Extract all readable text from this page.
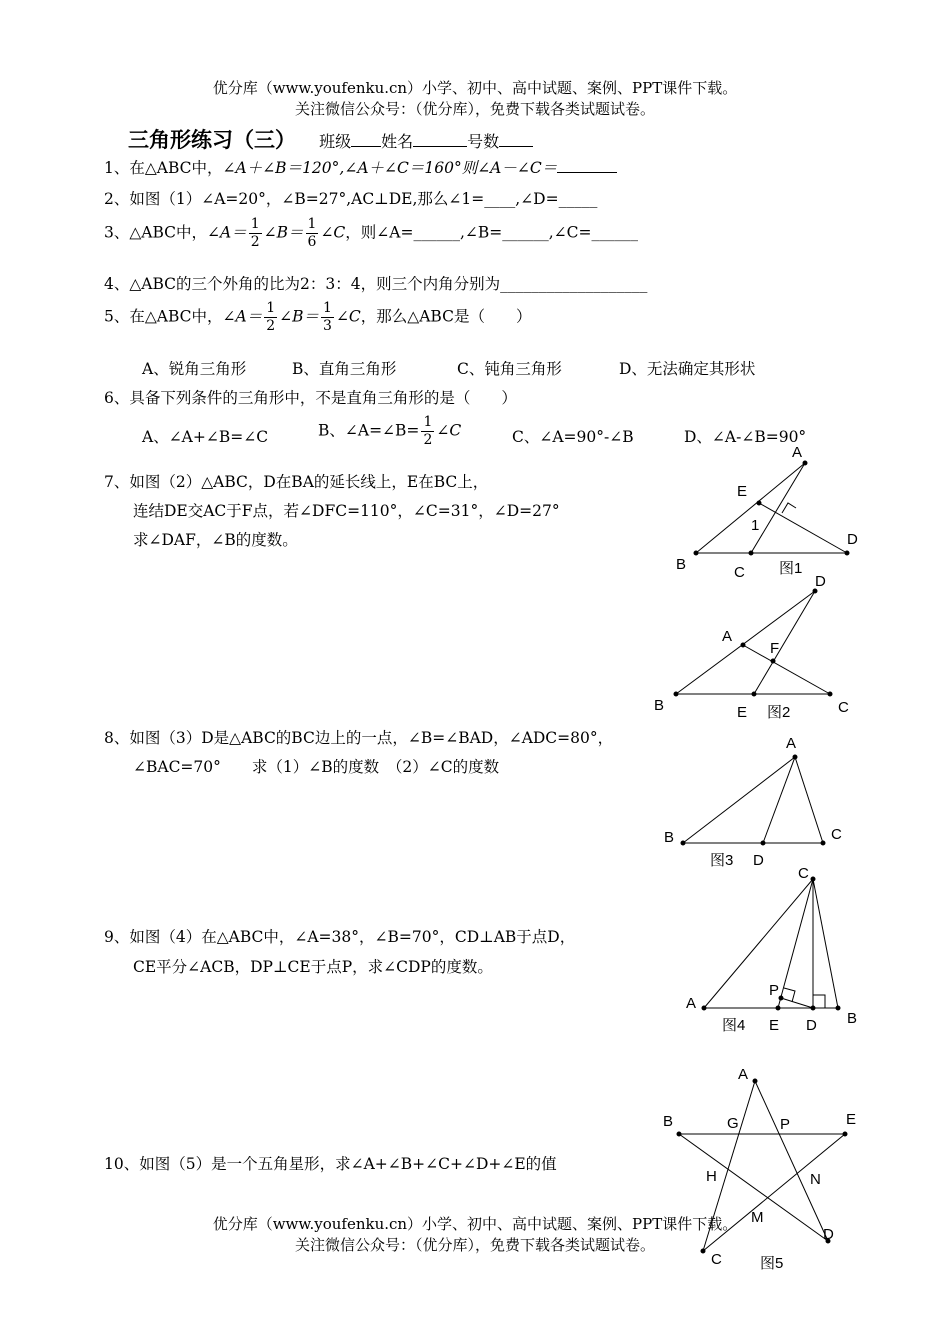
优分库（www.youfenku.cn）小学、初中、高中试题、案例、PPT课件下载。
关注微信公众号：（优分库），免费下载各类试题试卷。
三角形练习（三） 班级 姓名	号数
1、在△ABC中，∠A＋∠B＝120°,∠A＋∠C＝160°则∠A－∠C＝
2、如图（1）∠A=20°，∠B=27°,AC⊥DE,那么∠1=____,∠D=_____
3、△ABC中，∠A＝ $\frac{1}{2}$ ∠B＝ $\frac{1}{6}$ ∠C，则∠A=______,∠B=______,∠C=______
4、△ABC的三个外角的比为2：3：4，则三个内角分别为___________________
5、在△ABC中，∠A＝ $\frac{1}{2}$ ∠B＝ $\frac{1}{3}$ ∠C，那么△ABC是（　　）
A、锐角三角形	B、直角三角形	C、钝角三角形	D、无法确定其形状
6、具备下列条件的三角形中，不是直角三角形的是（　　）
A、∠A+∠B=∠C	B、∠A=∠B= $\frac{1}{2}$ ∠C	C、∠A=90°-∠B	D、∠A-∠B=90°
7、如图（2）△ABC，D在BA的延长线上，E在BC上，
连结DE交AC于F点，若∠DFC=110°，∠C=31°，∠D=27°
求∠DAF，∠B的度数。
8、如图（3）D是△ABC的BC边上的一点，∠B=∠BAD，∠ADC=80°，
∠BAC=70°　　求（1）∠B的度数　（2）∠C的度数
9、如图（4）在△ABC中，∠A=38°，∠B=70°，CD⊥AB于点D，
CE平分∠ACB，DP⊥CE于点P，求∠CDP的度数。
10、如图（5）是一个五角星形，求∠A+∠B+∠C+∠D+∠E的值
优分库（www.youfenku.cn）小学、初中、高中试题、案例、PPT课件下载。
关注微信公众号：（优分库），免费下载各类试题试卷。
A
E
1
D
B	C 图1
D
A
F
B	E	C
图2
A
B	C
D
图3
C
P
A
E D B
图4
A
B	G	P	E
H	N
M
D
C	图5
